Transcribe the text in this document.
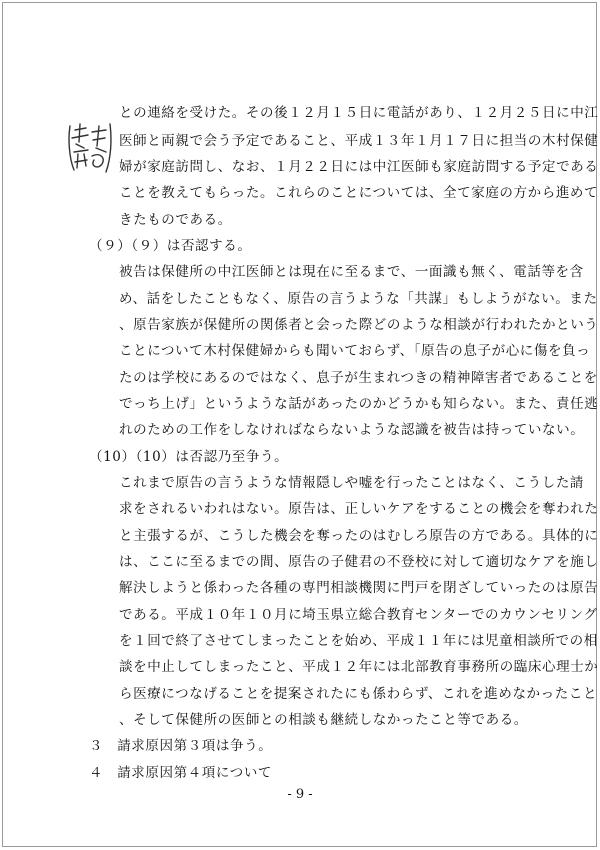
との連絡を受けた。その後１２月１５日に電話があり、１２月２５日に中江
医師と両親で会う予定であること、平成１３年１月１７日に担当の木村保健
婦が家庭訪問し、なお、１月２２日には中江医師も家庭訪問する予定である
ことを教えてもらった。これらのことについては、全て家庭の方から進めて
きたものである。
（９）（９）は否認する。
被告は保健所の中江医師とは現在に至るまで、一面識も無く、電話等を含
め、話をしたこともなく、原告の言うような「共謀」もしようがない。また
、原告家族が保健所の関係者と会った際どのような相談が行われたかという
ことについて木村保健婦からも聞いておらず、「原告の息子が心に傷を負っ
たのは学校にあるのではなく、息子が生まれつきの精神障害者であることを
でっち上げ」というような話があったのかどうかも知らない。また、責任逃
れのための工作をしなければならないような認識を被告は持っていない。
（10）（10）は否認乃至争う。
これまで原告の言うような情報隠しや嘘を行ったことはなく、こうした請
求をされるいわれはない。原告は、正しいケアをすることの機会を奪われた
と主張するが、こうした機会を奪ったのはむしろ原告の方である。具体的に
は、ここに至るまでの間、原告の子健君の不登校に対して適切なケアを施し
解決しようと係わった各種の専門相談機関に門戸を閉ざしていったのは原告
である。平成１０年１０月に埼玉県立総合教育センターでのカウンセリング
を１回で終了させてしまったことを始め、平成１１年には児童相談所での相
談を中止してしまったこと、平成１２年には北部教育事務所の臨床心理士か
ら医療につなげることを提案されたにも係わらず、これを進めなかったこと
、そして保健所の医師との相談も継続しなかったこと等である。
３　請求原因第３項は争う。
４　請求原因第４項について
- 9 -
